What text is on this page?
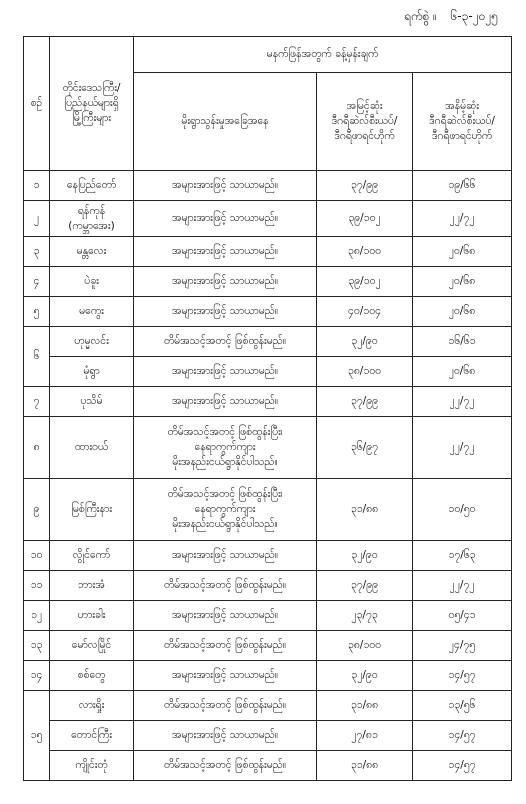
ရက်စွဲ ။ ၆-၃-၂၀၂၅
စဉ်	တိုင်းဒေသကြီး/
ပြည်နယ်များရှိ
မြို့ကြီးများ	မနက်ဖြန်အတွက် ခန့်မှန်းချက်		
		မိုးရွာသွန်းမှုအခြေအနေ	အမြင့်ဆုံး
ဒီဂရီဆဲလ်စီးယပ်/
ဒီဂရီဖာရင်ဟိုက်	အနိမ့်ဆုံး
ဒီဂရီဆဲလ်စီးယပ်/
ဒီဂရီဖာရင်ဟိုက်
၁	နေပြည်တော်	အများအားဖြင့် သာယာမည်။	၃၇/၉၉	၁၉/၆၆
၂	ရန်ကုန်
(ကမ္ဘာအေး)	အများအားဖြင့် သာယာမည်။	၃၉/၁၀၂	၂၂/၇၂
၃	မန္တလေး	အများအားဖြင့် သာယာမည်။	၃၈/၁၀၀	၂၀/၆၈
၄	ပဲခူး	အများအားဖြင့် သာယာမည်။	၃၉/၁၀၂	၂၀/၆၈
၅	မကွေး	အများအားဖြင့် သာယာမည်။	၄၀/၁၀၄	၂၀/၆၈
၆	ဟုမ္မလင်း	တိမ်အသင့်အတင့် ဖြစ်ထွန်းမည်။	၃၂/၉၀	၁၆/၆၁
	မုံရွာ	အများအားဖြင့် သာယာမည်။	၃၈/၁၀၀	၂၀/၆၈
၇	ပုသိမ်	အများအားဖြင့် သာယာမည်။	၃၇/၉၉	၂၂/၇၂
၈	ထားဝယ်	တိမ်အသင့်အတင့် ဖြစ်ထွန်းပြီး၊
နေရာကွက်ကျား
မိုးအနည်းငယ်ရွာနိုင်ပါသည်။	၃၆/၉၇	၂၂/၇၂
၉	မြစ်ကြီးနား	တိမ်အသင့်အတင့် ဖြစ်ထွန်းပြီး၊
နေရာကွက်ကျား
မိုးအနည်းငယ်ရွာနိုင်ပါသည်။	၃၁/၈၈	၁၀/၅၀
၁၀	လွိုင်ကော်	အများအားဖြင့် သာယာမည်။	၃၂/၉၀	၁၇/၆၃
၁၁	ဘားအံ	တိမ်အသင့်အတင့် ဖြစ်ထွန်းမည်။	၃၇/၉၉	၂၂/၇၂
၁၂	ဟားခါး	အများအားဖြင့် သာယာမည်။	၂၃/၇၃	၀၅/၄၁
၁၃	မော်လမြိုင်	တိမ်အသင့်အတင့် ဖြစ်ထွန်းမည်။	၃၈/၁၀၀	၂၄/၇၅
၁၄	စစ်တွေ	အများအားဖြင့် သာယာမည်။	၃၂/၉၀	၁၄/၅၇
၁၅	လားရှိုး	တိမ်အသင့်အတင့် ဖြစ်ထွန်းမည်။	၃၁/၈၈	၁၃/၅၆
	တောင်ကြီး	အများအားဖြင့် သာယာမည်။	၂၇/၈၁	၁၄/၅၇
	ကျိုင်းတုံ	တိမ်အသင့်အတင့် ဖြစ်ထွန်းမည်။	၃၁/၈၈	၁၄/၅၇
